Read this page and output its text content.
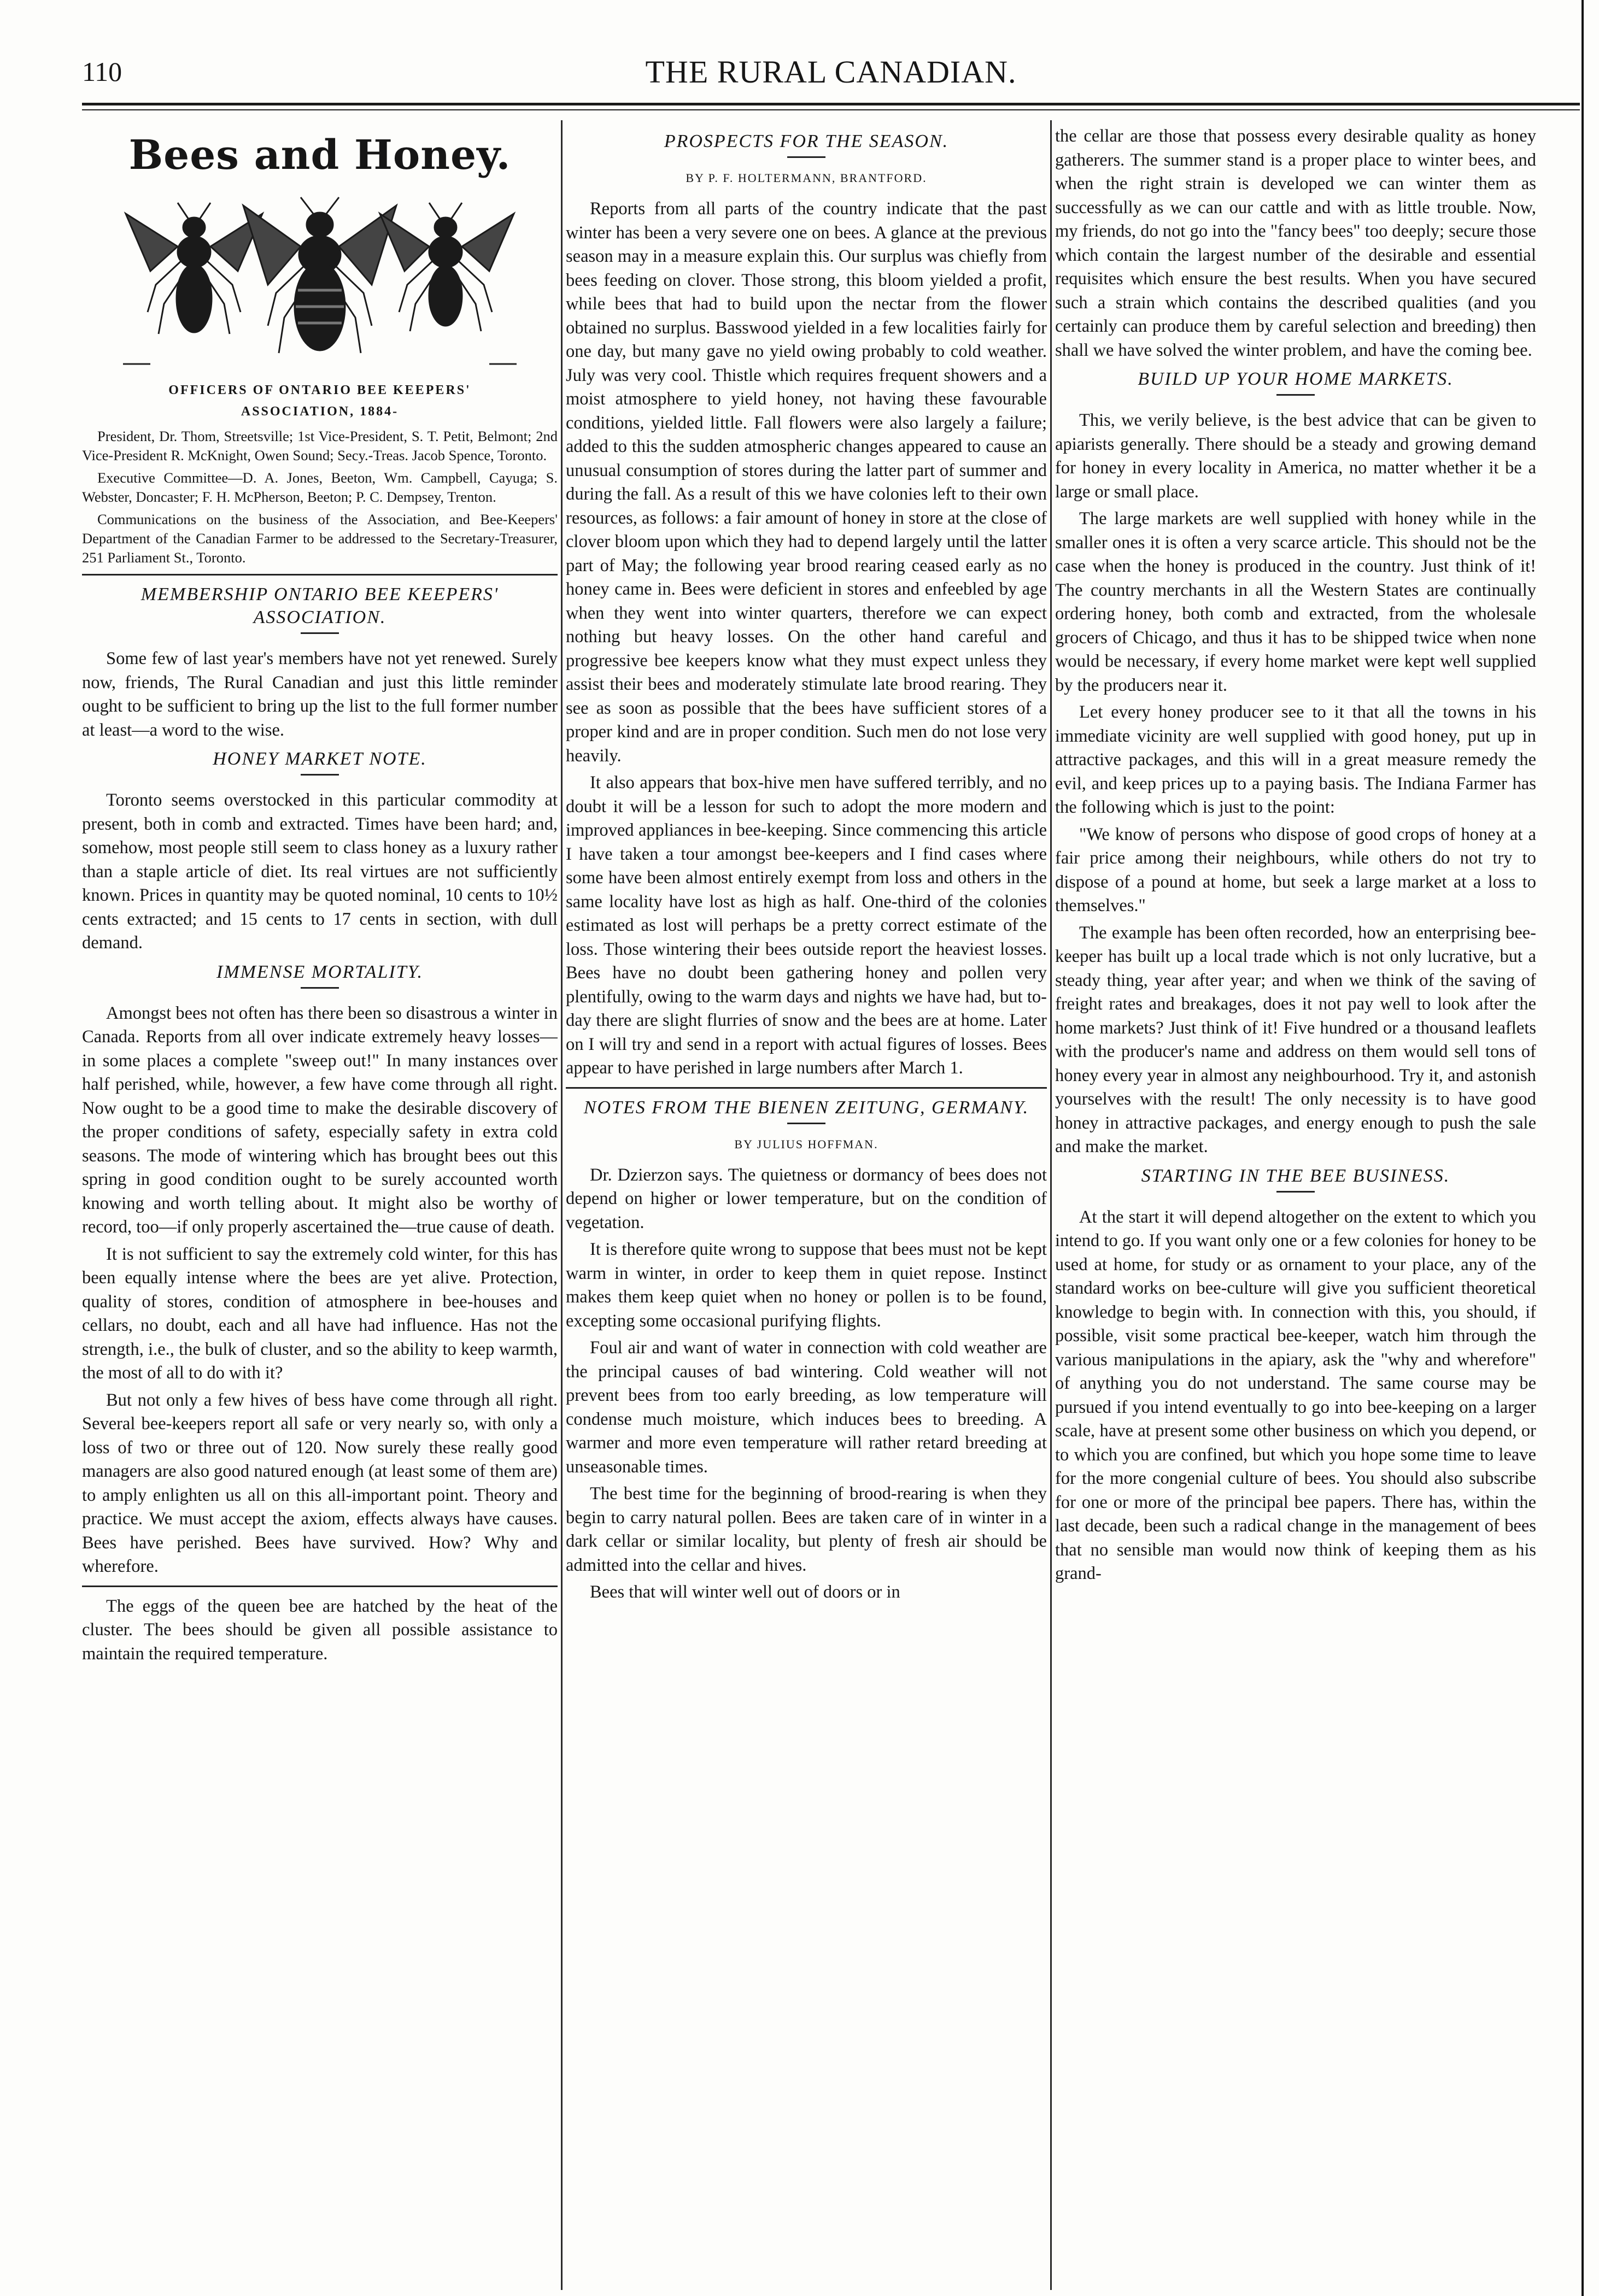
110	THE RURAL CANADIAN.
Bees and Honey.
OFFICERS OF ONTARIO BEE KEEPERS'
ASSOCIATION, 1884-

President, Dr. Thom, Streetsville; 1st Vice-President, S. T. Petit, Belmont; 2nd Vice-President R. McKnight, Owen Sound; Secy.-Treas. Jacob Spence, Toronto.

Executive Committee—D. A. Jones, Beeton, Wm. Campbell, Cayuga; S. Webster, Doncaster; F. H. McPherson, Beeton; P. C. Dempsey, Trenton.

Communications on the business of the Association, and Bee-Keepers' Department of the Canadian Farmer to be addressed to the Secretary-Treasurer, 251 Parliament St., Toronto.

MEMBERSHIP ONTARIO BEE KEEPERS' ASSOCIATION.

Some few of last year's members have not yet renewed. Surely now, friends, The Rural Canadian and just this little reminder ought to be sufficient to bring up the list to the full former number at least—a word to the wise.

HONEY MARKET NOTE.

Toronto seems overstocked in this particular commodity at present, both in comb and extracted. Times have been hard; and, somehow, most people still seem to class honey as a luxury rather than a staple article of diet. Its real virtues are not sufficiently known. Prices in quantity may be quoted nominal, 10 cents to 10½ cents extracted; and 15 cents to 17 cents in section, with dull demand.

IMMENSE MORTALITY.

Amongst bees not often has there been so disastrous a winter in Canada. Reports from all over indicate extremely heavy losses—in some places a complete "sweep out!" In many instances over half perished, while, however, a few have come through all right. Now ought to be a good time to make the desirable discovery of the proper conditions of safety, especially safety in extra cold seasons. The mode of wintering which has brought bees out this spring in good condition ought to be surely accounted worth knowing and worth telling about. It might also be worthy of record, too—if only properly ascertained the—true cause of death.

It is not sufficient to say the extremely cold winter, for this has been equally intense where the bees are yet alive. Protection, quality of stores, condition of atmosphere in bee-houses and cellars, no doubt, each and all have had influence. Has not the strength, i.e., the bulk of cluster, and so the ability to keep warmth, the most of all to do with it?

But not only a few hives of bess have come through all right. Several bee-keepers report all safe or very nearly so, with only a loss of two or three out of 120. Now surely these really good managers are also good natured enough (at least some of them are) to amply enlighten us all on this all-important point. Theory and practice. We must accept the axiom, effects always have causes. Bees have perished. Bees have survived. How? Why and wherefore.

The eggs of the queen bee are hatched by the heat of the cluster. The bees should be given all possible assistance to maintain the required temperature.

PROSPECTS FOR THE SEASON.
BY P. F. HOLTERMANN, BRANTFORD.

Reports from all parts of the country indicate that the past winter has been a very severe one on bees. A glance at the previous season may in a measure explain this. Our surplus was chiefly from bees feeding on clover. Those strong, this bloom yielded a profit, while bees that had to build upon the nectar from the flower obtained no surplus. Basswood yielded in a few localities fairly for one day, but many gave no yield owing probably to cold weather. July was very cool. Thistle which requires frequent showers and a moist atmosphere to yield honey, not having these favourable conditions, yielded little. Fall flowers were also largely a failure; added to this the sudden atmospheric changes appeared to cause an unusual consumption of stores during the latter part of summer and during the fall. As a result of this we have colonies left to their own resources, as follows: a fair amount of honey in store at the close of clover bloom upon which they had to depend largely until the latter part of May; the following year brood rearing ceased early as no honey came in. Bees were deficient in stores and enfeebled by age when they went into winter quarters, therefore we can expect nothing but heavy losses. On the other hand careful and progressive bee keepers know what they must expect unless they assist their bees and moderately stimulate late brood rearing. They see as soon as possible that the bees have sufficient stores of a proper kind and are in proper condition. Such men do not lose very heavily.

It also appears that box-hive men have suffered terribly, and no doubt it will be a lesson for such to adopt the more modern and improved appliances in bee-keeping. Since commencing this article I have taken a tour amongst bee-keepers and I find cases where some have been almost entirely exempt from loss and others in the same locality have lost as high as half. One-third of the colonies estimated as lost will perhaps be a pretty correct estimate of the loss. Those wintering their bees outside report the heaviest losses. Bees have no doubt been gathering honey and pollen very plentifully, owing to the warm days and nights we have had, but to-day there are slight flurries of snow and the bees are at home. Later on I will try and send in a report with actual figures of losses. Bees appear to have perished in large numbers after March 1.

NOTES FROM THE BIENEN ZEITUNG, GERMANY.
BY JULIUS HOFFMAN.

Dr. Dzierzon says. The quietness or dormancy of bees does not depend on higher or lower temperature, but on the condition of vegetation.

It is therefore quite wrong to suppose that bees must not be kept warm in winter, in order to keep them in quiet repose. Instinct makes them keep quiet when no honey or pollen is to be found, excepting some occasional purifying flights.

Foul air and want of water in connection with cold weather are the principal causes of bad wintering. Cold weather will not prevent bees from too early breeding, as low temperature will condense much moisture, which induces bees to breeding. A warmer and more even temperature will rather retard breeding at unseasonable times.

The best time for the beginning of brood-rearing is when they begin to carry natural pollen. Bees are taken care of in winter in a dark cellar or similar locality, but plenty of fresh air should be admitted into the cellar and hives.

Bees that will winter well out of doors or in

the cellar are those that possess every desirable quality as honey gatherers. The summer stand is a proper place to winter bees, and when the right strain is developed we can winter them as successfully as we can our cattle and with as little trouble. Now, my friends, do not go into the "fancy bees" too deeply; secure those which contain the largest number of the desirable and essential requisites which ensure the best results. When you have secured such a strain which contains the described qualities (and you certainly can produce them by careful selection and breeding) then shall we have solved the winter problem, and have the coming bee.

BUILD UP YOUR HOME MARKETS.

This, we verily believe, is the best advice that can be given to apiarists generally. There should be a steady and growing demand for honey in every locality in America, no matter whether it be a large or small place.

The large markets are well supplied with honey while in the smaller ones it is often a very scarce article. This should not be the case when the honey is produced in the country. Just think of it! The country merchants in all the Western States are continually ordering honey, both comb and extracted, from the wholesale grocers of Chicago, and thus it has to be shipped twice when none would be necessary, if every home market were kept well supplied by the producers near it.

Let every honey producer see to it that all the towns in his immediate vicinity are well supplied with good honey, put up in attractive packages, and this will in a great measure remedy the evil, and keep prices up to a paying basis. The Indiana Farmer has the following which is just to the point:

"We know of persons who dispose of good crops of honey at a fair price among their neighbours, while others do not try to dispose of a pound at home, but seek a large market at a loss to themselves."

The example has been often recorded, how an enterprising bee-keeper has built up a local trade which is not only lucrative, but a steady thing, year after year; and when we think of the saving of freight rates and breakages, does it not pay well to look after the home markets? Just think of it! Five hundred or a thousand leaflets with the producer's name and address on them would sell tons of honey every year in almost any neighbourhood. Try it, and astonish yourselves with the result! The only necessity is to have good honey in attractive packages, and energy enough to push the sale and make the market.

STARTING IN THE BEE BUSINESS.

At the start it will depend altogether on the extent to which you intend to go. If you want only one or a few colonies for honey to be used at home, for study or as ornament to your place, any of the standard works on bee-culture will give you sufficient theoretical knowledge to begin with. In connection with this, you should, if possible, visit some practical bee-keeper, watch him through the various manipulations in the apiary, ask the "why and wherefore" of anything you do not understand. The same course may be pursued if you intend eventually to go into bee-keeping on a larger scale, have at present some other business on which you depend, or to which you are confined, but which you hope some time to leave for the more congenial culture of bees. You should also subscribe for one or more of the principal bee papers. There has, within the last decade, been such a radical change in the management of bees that no sensible man would now think of keeping them as his grand-
